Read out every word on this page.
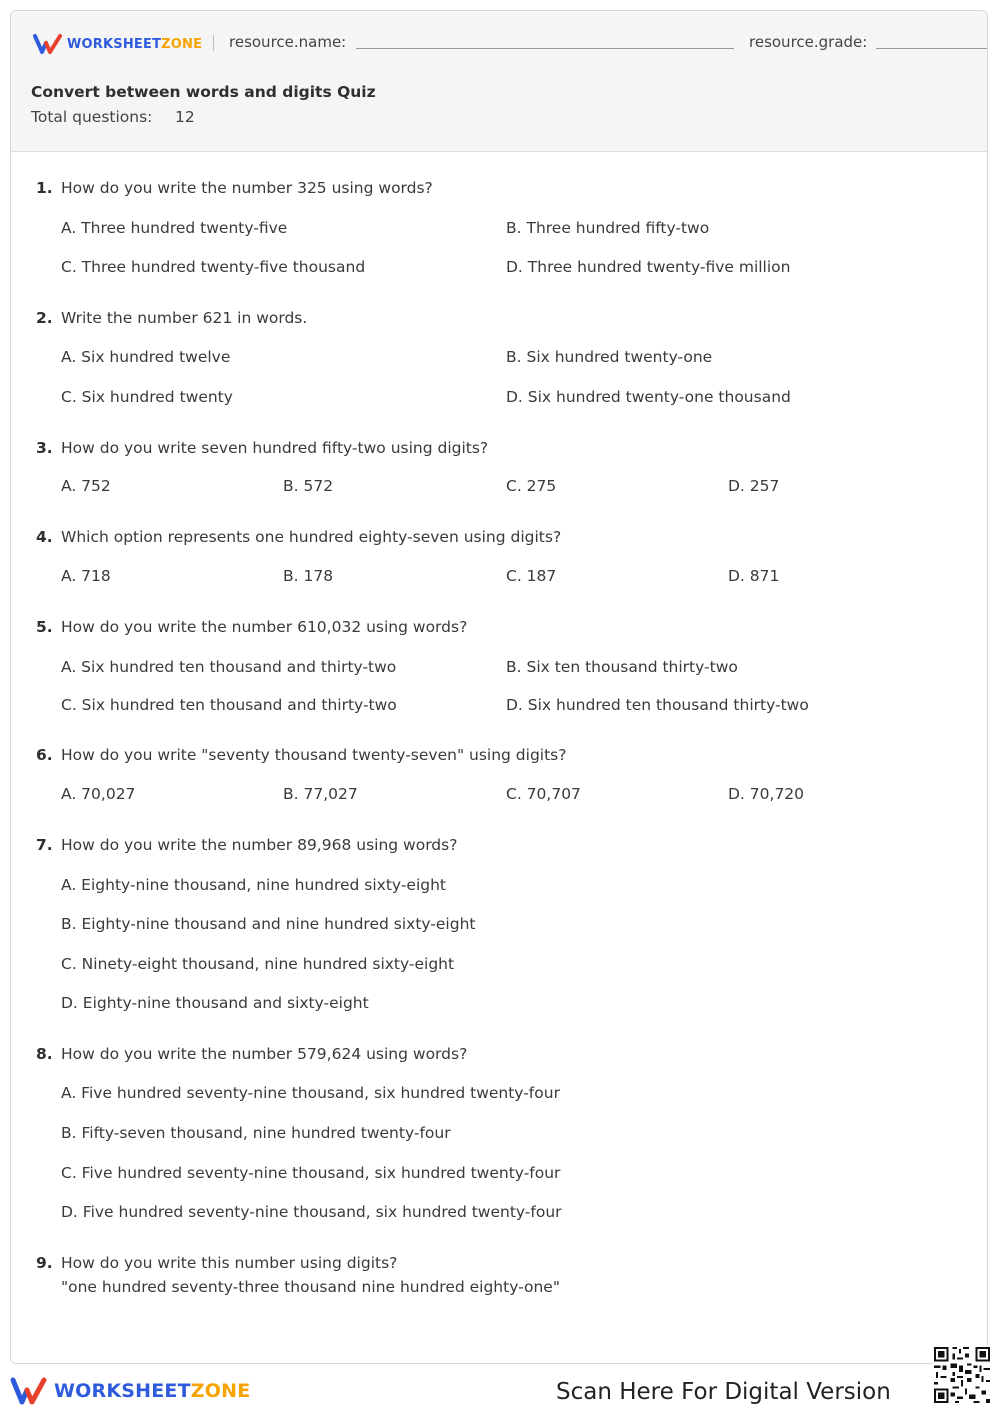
WORKSHEETZONE resource.name:	resource.grade:
Convert between words and digits Quiz
Total questions: 12
1. How do you write the number 325 using words?
A. Three hundred twenty-five	B. Three hundred fifty-two
C. Three hundred twenty-five thousand	D. Three hundred twenty-five million
2. Write the number 621 in words.
A. Six hundred twelve	B. Six hundred twenty-one
C. Six hundred twenty	D. Six hundred twenty-one thousand
3. How do you write seven hundred fifty-two using digits?
A. 752	B. 572	C. 275	D. 257
4. Which option represents one hundred eighty-seven using digits?
A. 718	B. 178	C. 187	D. 871
5. How do you write the number 610,032 using words?
A. Six hundred ten thousand and thirty-two	B. Six ten thousand thirty-two
C. Six hundred ten thousand and thirty-two	D. Six hundred ten thousand thirty-two
6. How do you write "seventy thousand twenty-seven" using digits?
A. 70,027	B. 77,027	C. 70,707	D. 70,720
7. How do you write the number 89,968 using words?
A. Eighty-nine thousand, nine hundred sixty-eight
B. Eighty-nine thousand and nine hundred sixty-eight
C. Ninety-eight thousand, nine hundred sixty-eight
D. Eighty-nine thousand and sixty-eight
8. How do you write the number 579,624 using words?
A. Five hundred seventy-nine thousand, six hundred twenty-four
B. Fifty-seven thousand, nine hundred twenty-four
C. Five hundred seventy-nine thousand, six hundred twenty-four
D. Five hundred seventy-nine thousand, six hundred twenty-four
9. How do you write this number using digits?
"one hundred seventy-three thousand nine hundred eighty-one"
WORKSHEETZONE	Scan Here For Digital Version
